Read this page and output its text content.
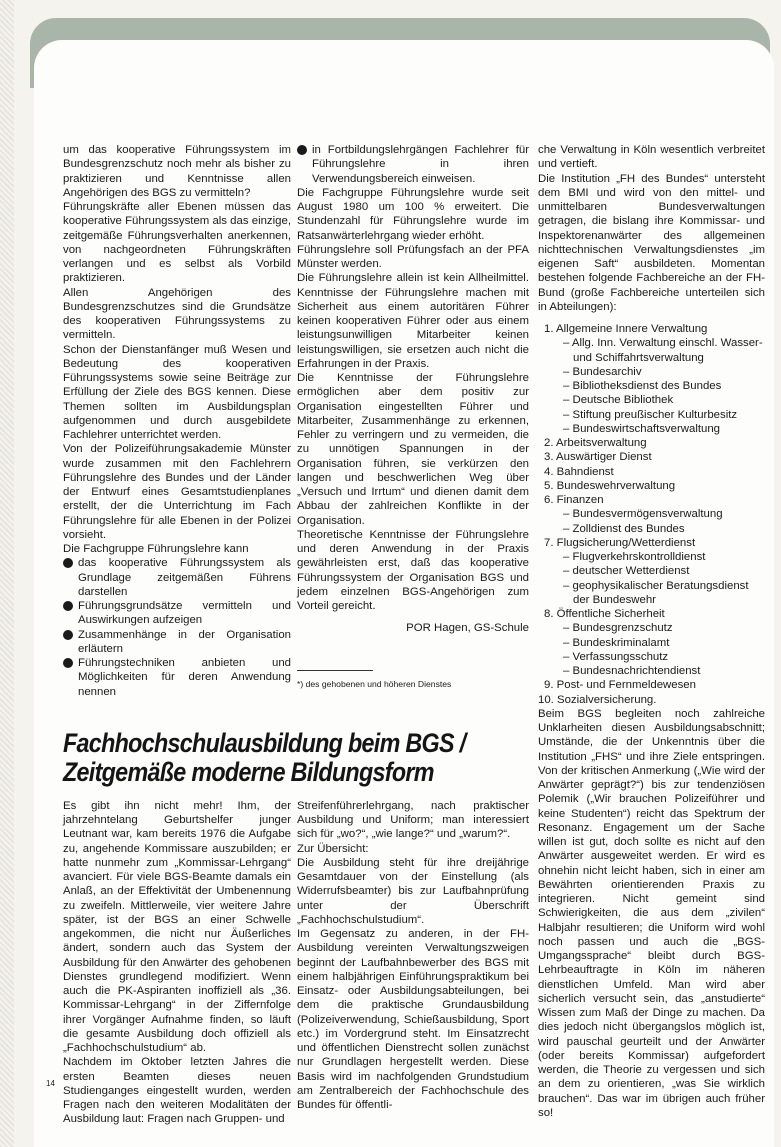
um das kooperative Führungssystem im Bundesgrenzschutz noch mehr als bisher zu praktizieren und Kenntnisse allen Angehörigen des BGS zu vermitteln?

Führungskräfte aller Ebenen müssen das kooperative Führungssystem als das einzige, zeitgemäße Führungsverhalten anerkennen, von nachgeordneten Führungskräften verlangen und es selbst als Vorbild praktizieren.

Allen Angehörigen des Bundesgrenzschutzes sind die Grundsätze des kooperativen Führungssystems zu vermitteln.

Schon der Dienstanfänger muß Wesen und Bedeutung des kooperativen Führungssystems sowie seine Beiträge zur Erfüllung der Ziele des BGS kennen. Diese Themen sollten im Ausbildungsplan aufgenommen und durch ausgebildete Fachlehrer unterrichtet werden.

Von der Polizeiführungsakademie Münster wurde zusammen mit den Fachlehrern Führungslehre des Bundes und der Länder der Entwurf eines Gesamtstudienplanes erstellt, der die Unterrichtung im Fach Führungslehre für alle Ebenen in der Polizei vorsieht.

Die Fachgruppe Führungslehre kann

das kooperative Führungssystem als Grundlage zeitgemäßen Führens darstellen

Führungsgrundsätze vermitteln und Auswirkungen aufzeigen

Zusammenhänge in der Organisation erläutern

Führungstechniken anbieten und Möglichkeiten für deren Anwendung nennen

in Fortbildungslehrgängen Fachlehrer für Führungslehre in ihren Verwendungsbereich einweisen.

Die Fachgruppe Führungslehre wurde seit August 1980 um 100 % erweitert. Die Stundenzahl für Führungslehre wurde im Ratsanwärterlehrgang wieder erhöht.

Führungslehre soll Prüfungsfach an der PFA Münster werden.

Die Führungslehre allein ist kein Allheilmittel. Kenntnisse der Führungslehre machen mit Sicherheit aus einem autoritären Führer keinen kooperativen Führer oder aus einem leistungsunwilligen Mitarbeiter keinen leistungswilligen, sie ersetzen auch nicht die Erfahrungen in der Praxis.

Die Kenntnisse der Führungslehre ermöglichen aber dem positiv zur Organisation eingestellten Führer und Mitarbeiter, Zusammenhänge zu erkennen, Fehler zu verringern und zu vermeiden, die zu unnötigen Spannungen in der Organisation führen, sie verkürzen den langen und beschwerlichen Weg über „Versuch und Irrtum“ und dienen damit dem Abbau der zahlreichen Konflikte in der Organisation.

Theoretische Kenntnisse der Führungslehre und deren Anwendung in der Praxis gewährleisten erst, daß das kooperative Führungssystem der Organisation BGS und jedem einzelnen BGS-Angehörigen zum Vorteil gereicht.

POR Hagen, GS-Schule

*) des gehobenen und höheren Dienstes

Fachhochschulausbildung beim BGS /
Zeitgemäße moderne Bildungsform

Es gibt ihn nicht mehr! Ihm, der jahrzehntelang Geburtshelfer junger Leutnant war, kam bereits 1976 die Aufgabe zu, angehende Kommissare auszubilden; er hatte nunmehr zum „Kommissar-Lehrgang“ avanciert. Für viele BGS-Beamte damals ein Anlaß, an der Effektivität der Umbenennung zu zweifeln. Mittlerweile, vier weitere Jahre später, ist der BGS an einer Schwelle angekommen, die nicht nur Äußerliches ändert, sondern auch das System der Ausbildung für den Anwärter des gehobenen Dienstes grundlegend modifiziert. Wenn auch die PK-Aspiranten inoffiziell als „36. Kommissar-Lehrgang“ in der Ziffernfolge ihrer Vorgänger Aufnahme finden, so läuft die gesamte Ausbildung doch offiziell als „Fachhochschulstudium“ ab.

Nachdem im Oktober letzten Jahres die ersten Beamten dieses neuen Studienganges eingestellt wurden, werden Fragen nach den weiteren Modalitäten der Ausbildung laut: Fragen nach Gruppen- und

Streifenführerlehrgang, nach praktischer Ausbildung und Uniform; man interessiert sich für „wo?“, „wie lange?“ und „warum?“.

Zur Übersicht:

Die Ausbildung steht für ihre dreijährige Gesamtdauer von der Einstellung (als Widerrufsbeamter) bis zur Laufbahnprüfung unter der Überschrift „Fachhochschulstudium“.

Im Gegensatz zu anderen, in der FH-Ausbildung vereinten Verwaltungszweigen beginnt der Laufbahnbewerber des BGS mit einem halbjährigen Einführungspraktikum bei Einsatz- oder Ausbildungsabteilungen, bei dem die praktische Grundausbildung (Polizeiverwendung, Schießausbildung, Sport etc.) im Vordergrund steht. Im Einsatzrecht und öffentlichen Dienstrecht sollen zunächst nur Grundlagen hergestellt werden. Diese Basis wird im nachfolgenden Grundstudium am Zentralbereich der Fachhochschule des Bundes für öffentli-

che Verwaltung in Köln wesentlich verbreitet und vertieft.

Die Institution „FH des Bundes“ untersteht dem BMI und wird von den mittel- und unmittelbaren Bundesverwaltungen getragen, die bislang ihre Kommissar- und Inspektorenanwärter des allgemeinen nichttechnischen Verwaltungsdienstes „im eigenen Saft“ ausbildeten. Momentan bestehen folgende Fachbereiche an der FH-Bund (große Fachbereiche unterteilen sich in Abteilungen):

1. Allgemeine Innere Verwaltung
– Allg. Inn. Verwaltung einschl. Wasser- und Schiffahrtsverwaltung
– Bundesarchiv
– Bibliotheksdienst des Bundes
– Deutsche Bibliothek
– Stiftung preußischer Kulturbesitz
– Bundeswirtschaftsverwaltung
2. Arbeitsverwaltung
3. Auswärtiger Dienst
4. Bahndienst
5. Bundeswehrverwaltung
6. Finanzen
– Bundesvermögensverwaltung
– Zolldienst des Bundes
7. Flugsicherung/Wetterdienst
– Flugverkehrskontrolldienst
– deutscher Wetterdienst
– geophysikalischer Beratungsdienst der Bundeswehr
8. Öffentliche Sicherheit
– Bundesgrenzschutz
– Bundeskriminalamt
– Verfassungsschutz
– Bundesnachrichtendienst
9. Post- und Fernmeldewesen
10. Sozialversicherung.

Beim BGS begleiten noch zahlreiche Unklarheiten diesen Ausbildungsabschnitt; Umstände, die der Unkenntnis über die Institution „FHS“ und ihre Ziele entspringen. Von der kritischen Anmerkung („Wie wird der Anwärter geprägt?“) bis zur tendenziösen Polemik („Wir brauchen Polizeiführer und keine Studenten“) reicht das Spektrum der Resonanz. Engagement um der Sache willen ist gut, doch sollte es nicht auf den Anwärter ausgeweitet werden. Er wird es ohnehin nicht leicht haben, sich in einer am Bewährten orientierenden Praxis zu integrieren. Nicht gemeint sind Schwierigkeiten, die aus dem „zivilen“ Halbjahr resultieren; die Uniform wird wohl noch passen und auch die „BGS-Umgangssprache“ bleibt durch BGS-Lehrbeauftragte in Köln im näheren dienstlichen Umfeld. Man wird aber sicherlich versucht sein, das „anstudierte“ Wissen zum Maß der Dinge zu machen. Da dies jedoch nicht übergangslos möglich ist, wird pauschal geurteilt und der Anwärter (oder bereits Kommissar) aufgefordert werden, die Theorie zu vergessen und sich an dem zu orientieren, „was Sie wirklich brauchen“. Das war im übrigen auch früher so!

14
